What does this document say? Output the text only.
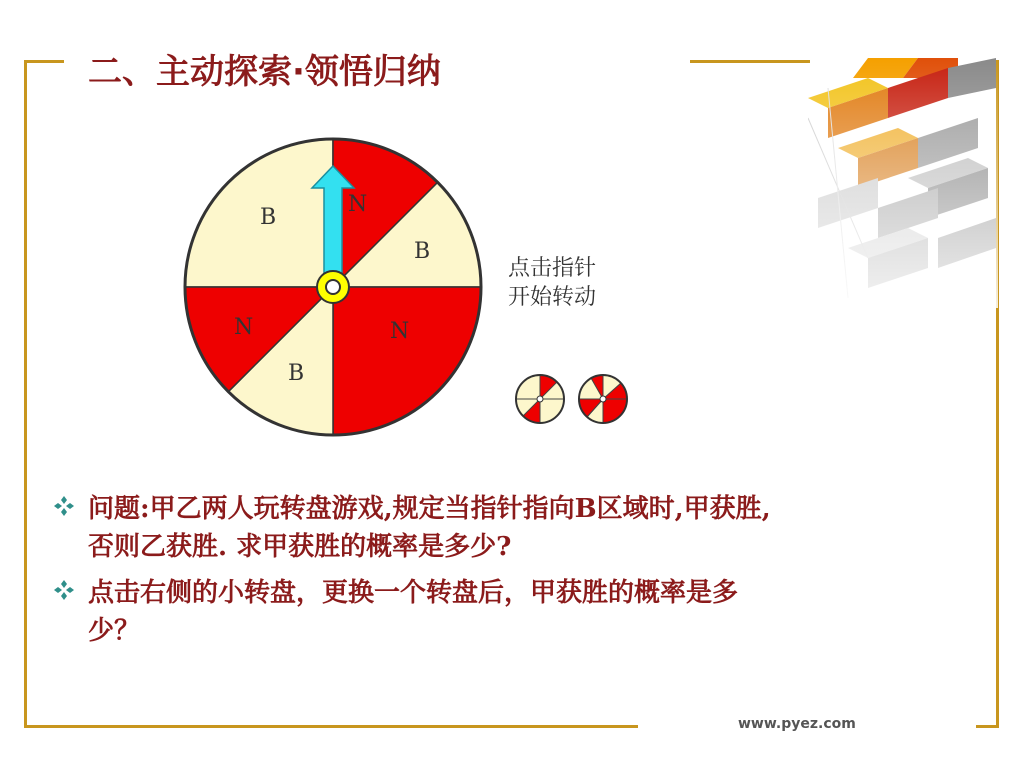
二、主动探索·领悟归纳
B
N
B
N	N
B
点击指针
开始转动
问题:甲乙两人玩转盘游戏,规定当指针指向B区域时,甲获胜,
否则乙获胜. 求甲获胜的概率是多少?
点击右侧的小转盘，更换一个转盘后，甲获胜的概率是多
少？
www.pyez.com
